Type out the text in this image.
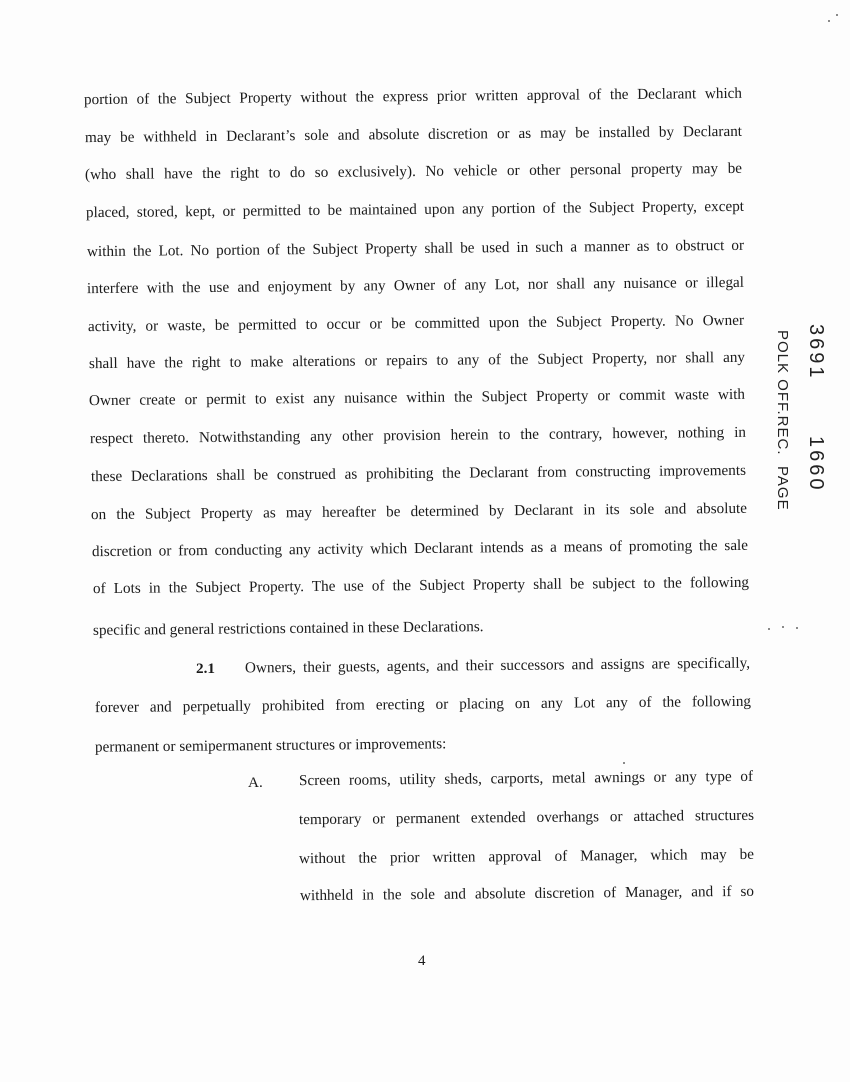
portion of the Subject Property without the express prior written approval of the Declarant which
may be withheld in Declarant’s sole and absolute discretion or as may be installed by Declarant
(who shall have the right to do so exclusively). No vehicle or other personal property may be
placed, stored, kept, or permitted to be maintained upon any portion of the Subject Property, except
within the Lot. No portion of the Subject Property shall be used in such a manner as to obstruct or
interfere with the use and enjoyment by any Owner of any Lot, nor shall any nuisance or illegal
activity, or waste, be permitted to occur or be committed upon the Subject Property. No Owner
shall have the right to make alterations or repairs to any of the Subject Property, nor shall any
Owner create or permit to exist any nuisance within the Subject Property or commit waste with
respect thereto. Notwithstanding any other provision herein to the contrary, however, nothing in
these Declarations shall be construed as prohibiting the Declarant from constructing improvements
on the Subject Property as may hereafter be determined by Declarant in its sole and absolute
discretion or from conducting any activity which Declarant intends as a means of promoting the sale
of Lots in the Subject Property. The use of the Subject Property shall be subject to the following
specific and general restrictions contained in these Declarations.
2.1 Owners, their guests, agents, and their successors and assigns are specifically,
forever and perpetually prohibited from erecting or placing on any Lot any of the following
permanent or semipermanent structures or improvements:
A. Screen rooms, utility sheds, carports, metal awnings or any type of
temporary or permanent extended overhangs or attached structures
without the prior written approval of Manager, which may be
withheld in the sole and absolute discretion of Manager, and if so
4
3691
1660
POLK OFF.REC.
PAGE
